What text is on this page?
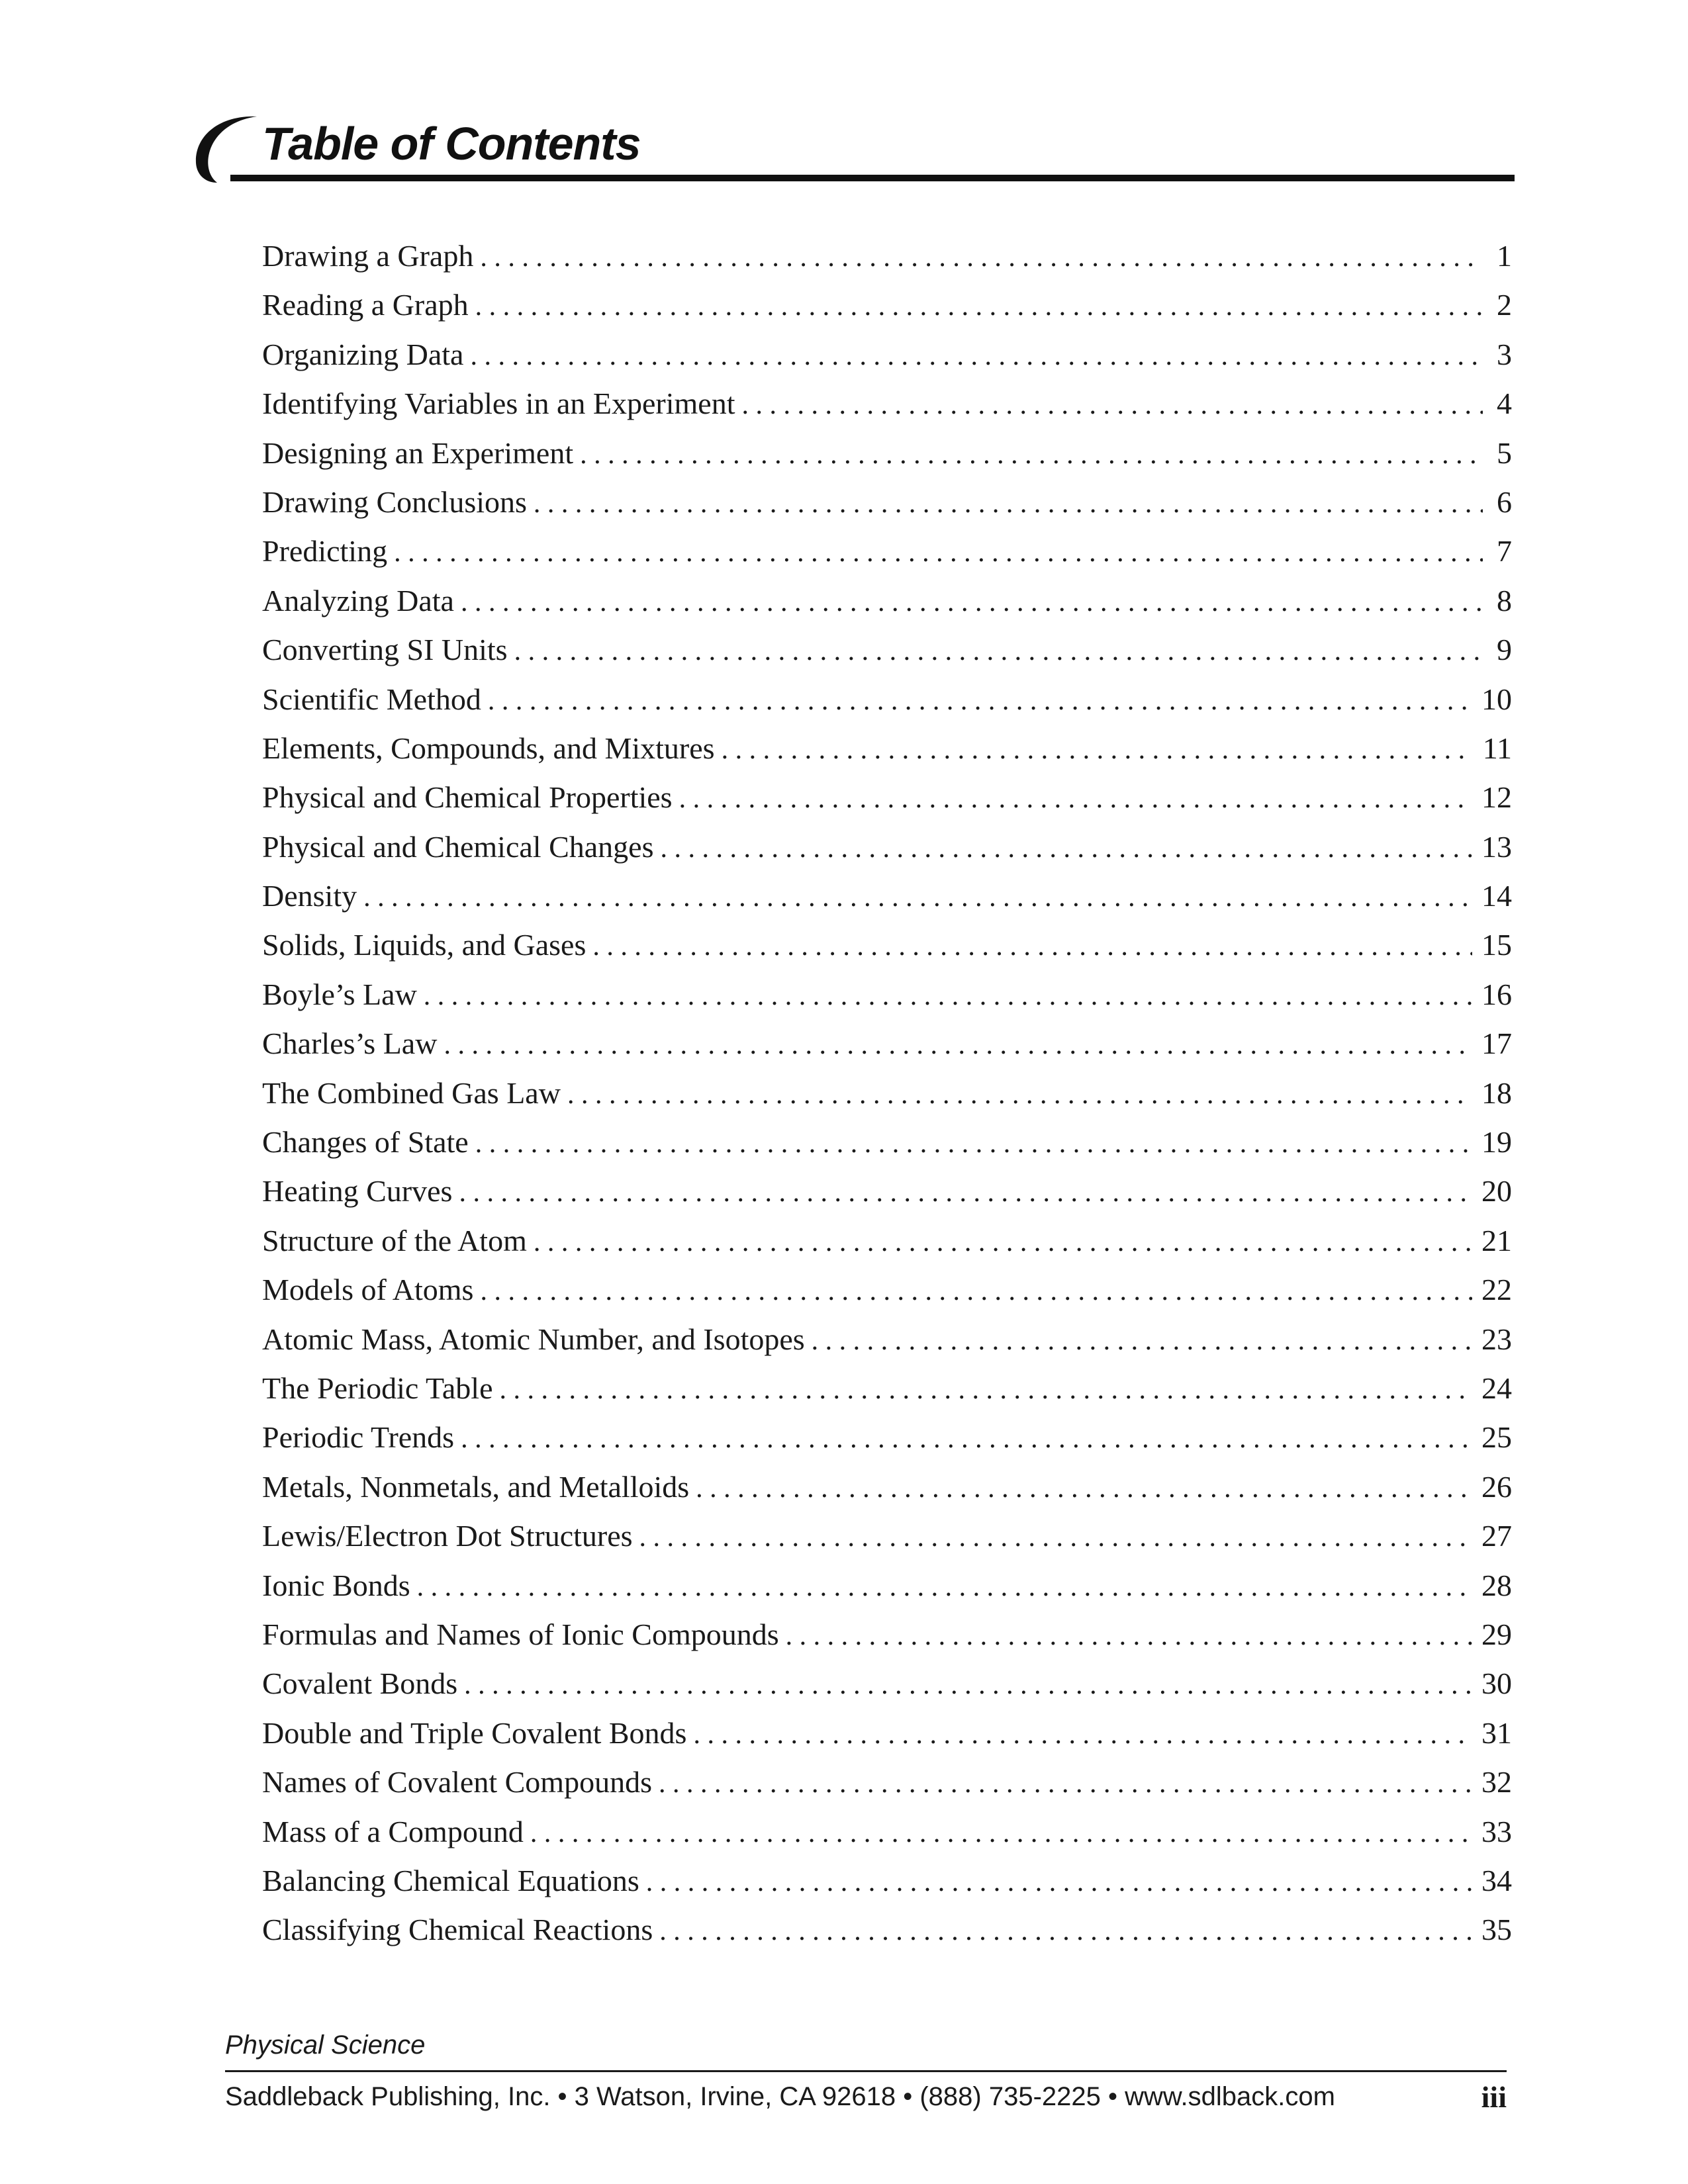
Table of Contents
Drawing a Graph . . .	1
Reading a Graph . . .	2
Organizing Data . . .	3
Identifying Variables in an Experiment . . .	4
Designing an Experiment . . .	5
Drawing Conclusions . . .	6
Predicting . . .	7
Analyzing Data . . .	8
Converting SI Units . . .	9
Scientific Method . . .	10
Elements, Compounds, and Mixtures . . .	11
Physical and Chemical Properties . . .	12
Physical and Chemical Changes . . .	13
Density . . .	14
Solids, Liquids, and Gases . . .	15
Boyle’s Law . . .	16
Charles’s Law . . .	17
The Combined Gas Law . . .	18
Changes of State . . .	19
Heating Curves . . .	20
Structure of the Atom . . .	21
Models of Atoms . . .	22
Atomic Mass, Atomic Number, and Isotopes . . .	23
The Periodic Table . . .	24
Periodic Trends . . .	25
Metals, Nonmetals, and Metalloids . . .	26
Lewis/Electron Dot Structures . . .	27
Ionic Bonds . . .	28
Formulas and Names of Ionic Compounds . . .	29
Covalent Bonds . . .	30
Double and Triple Covalent Bonds . . .	31
Names of Covalent Compounds . . .	32
Mass of a Compound . . .	33
Balancing Chemical Equations . . .	34
Classifying Chemical Reactions . . .	35
Physical Science
Saddleback Publishing, Inc. • 3 Watson, Irvine, CA 92618 • (888) 735-2225 • www.sdlback.com	iii
